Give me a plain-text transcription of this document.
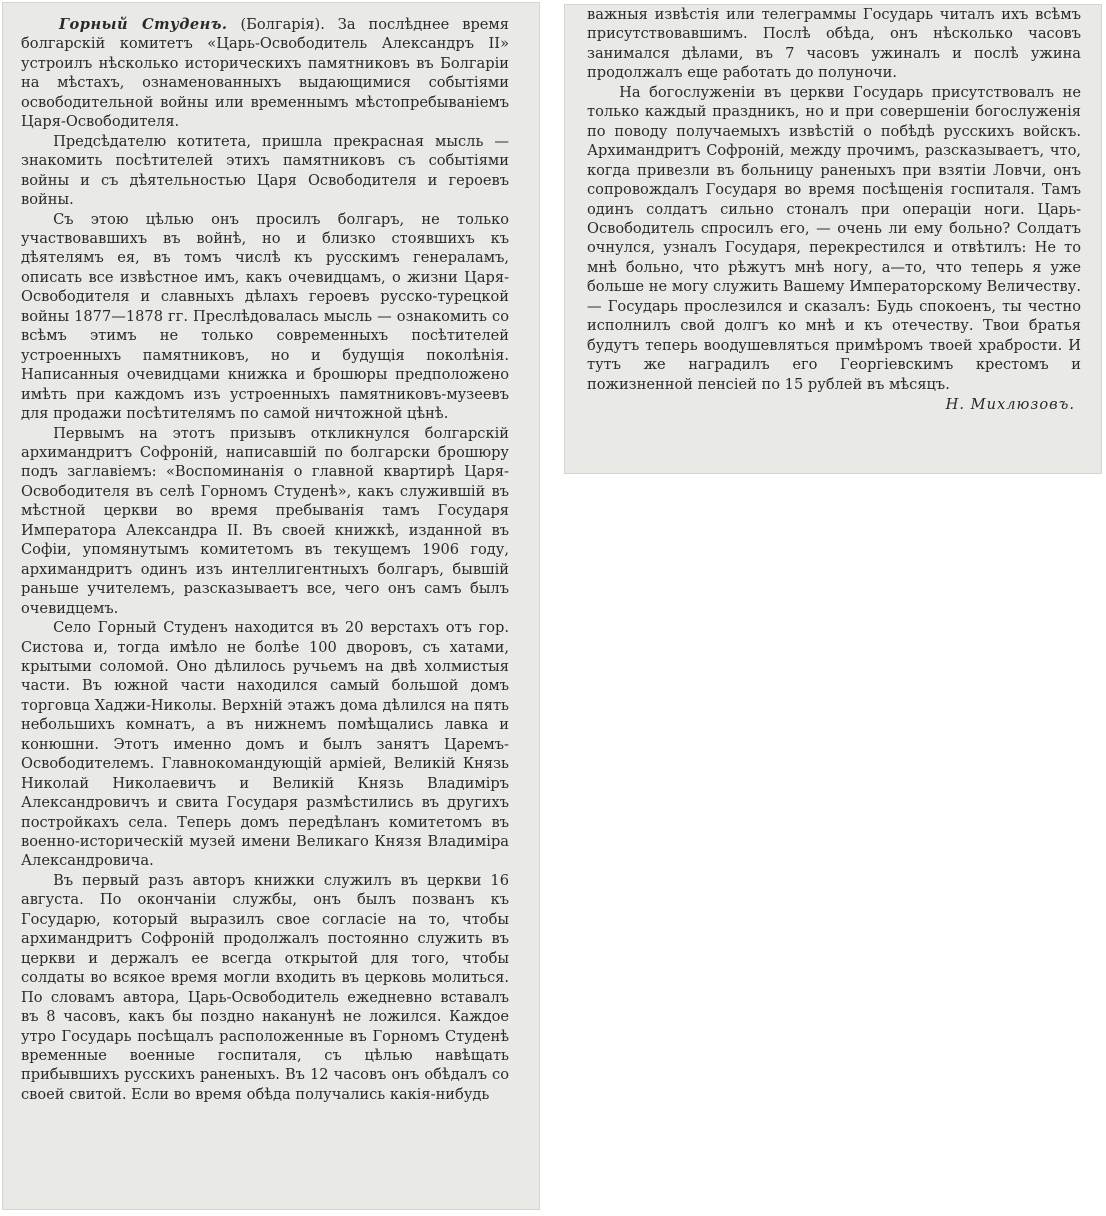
Горный Студенъ. (Болгарія). За послѣднее время болгарскій комитетъ «Царь-Освободитель Александръ II» устроилъ нѣсколько историческихъ памятниковъ въ Болгаріи на мѣстахъ, ознаменованныхъ выдающимися событіями освободительной войны или временнымъ мѣстопребываніемъ Царя-Освободителя.

Предсѣдателю котитета, пришла прекрасная мысль — знакомить посѣтителей этихъ памятниковъ съ событіями войны и съ дѣятельностью Царя Освободителя и героевъ войны.

Съ этою цѣлью онъ просилъ болгаръ, не только участвовавшихъ въ войнѣ, но и близко стоявшихъ къ дѣятелямъ ея, въ томъ числѣ къ русскимъ генераламъ, описать все извѣстное имъ, какъ очевидцамъ, о жизни Царя-Освободителя и славныхъ дѣлахъ героевъ русско-турецкой войны 1877—1878 гг. Преслѣдовалась мысль — ознакомить со всѣмъ этимъ не только современныхъ посѣтителей устроенныхъ памятниковъ, но и будущія поколѣнія. Написанныя очевидцами книжка и брошюры предположено имѣть при каждомъ изъ устроенныхъ памятниковъ-музеевъ для продажи посѣтителямъ по самой ничтожной цѣнѣ.

Первымъ на этотъ призывъ откликнулся болгарскій архимандритъ Софроній, написавшій по болгарски брошюру подъ заглавіемъ: «Воспоминанія о главной квартирѣ Царя-Освободителя въ селѣ Горномъ Студенѣ», какъ служившій въ мѣстной церкви во время пребыванія тамъ Государя Императора Александра II. Въ своей книжкѣ, изданной въ Софіи, упомянутымъ комитетомъ въ текущемъ 1906 году, архимандритъ одинъ изъ интеллигентныхъ болгаръ, бывшій раньше учителемъ, разсказываетъ все, чего онъ самъ былъ очевидцемъ.

Село Горный Студенъ находится въ 20 верстахъ отъ гор. Систова и, тогда имѣло не болѣе 100 дворовъ, съ хатами, крытыми соломой. Оно дѣлилось ручьемъ на двѣ холмистыя части. Въ южной части находился самый большой домъ торговца Хаджи-Николы. Верхній этажъ дома дѣлился на пять небольшихъ комнатъ, а въ нижнемъ помѣщались лавка и конюшни. Этотъ именно домъ и былъ занятъ Царемъ-Освободителемъ. Главнокомандующій арміей, Великій Князь Николай Николаевичъ и Великій Князь Владиміръ Александровичъ и свита Государя размѣстились въ другихъ постройкахъ села. Теперь домъ передѣланъ комитетомъ въ военно-историческій музей имени Великаго Князя Владиміра Александровича.

Въ первый разъ авторъ книжки служилъ въ церкви 16 августа. По окончаніи службы, онъ былъ позванъ къ Государю, который выразилъ свое согласіе на то, чтобы архимандритъ Софроній продолжалъ постоянно служить въ церкви и держалъ ее всегда открытой для того, чтобы солдаты во всякое время могли входить въ церковь молиться. По словамъ автора, Царь-Освободитель ежедневно вставалъ въ 8 часовъ, какъ бы поздно наканунѣ не ложился. Каждое утро Государь посѣщалъ расположенные въ Горномъ Студенѣ временные военные госпиталя, съ цѣлью навѣщать прибывшихъ русскихъ раненыхъ. Въ 12 часовъ онъ обѣдалъ со своей свитой. Если во время обѣда получались какія-нибудь

важныя извѣстія или телеграммы Государь читалъ ихъ всѣмъ присутствовавшимъ. Послѣ обѣда, онъ нѣсколько часовъ занимался дѣлами, въ 7 часовъ ужиналъ и послѣ ужина продолжалъ еще работать до полуночи.

На богослуженіи въ церкви Государь присутствовалъ не только каждый праздникъ, но и при совершеніи богослуженія по поводу получаемыхъ извѣстій о побѣдѣ русскихъ войскъ. Архимандритъ Софроній, между прочимъ, разсказываетъ, что, когда привезли въ больницу раненыхъ при взятіи Ловчи, онъ сопровождалъ Государя во время посѣщенія госпиталя. Тамъ одинъ солдатъ сильно стоналъ при операціи ноги. Царь-Освободитель спросилъ его, — очень ли ему больно? Солдатъ очнулся, узналъ Государя, перекрестился и отвѣтилъ: Не то мнѣ больно, что рѣжутъ мнѣ ногу, а—то, что теперь я уже больше не могу служить Вашему Императорскому Величеству. — Государь прослезился и сказалъ: Будь спокоенъ, ты честно исполнилъ свой долгъ ко мнѣ и къ отечеству. Твои братья будутъ теперь воодушевляться примѣромъ твоей храбрости. И тутъ же наградилъ его Георгіевскимъ крестомъ и пожизненной пенсіей по 15 рублей въ мѣсяцъ.

Н. Михлюзовъ.
